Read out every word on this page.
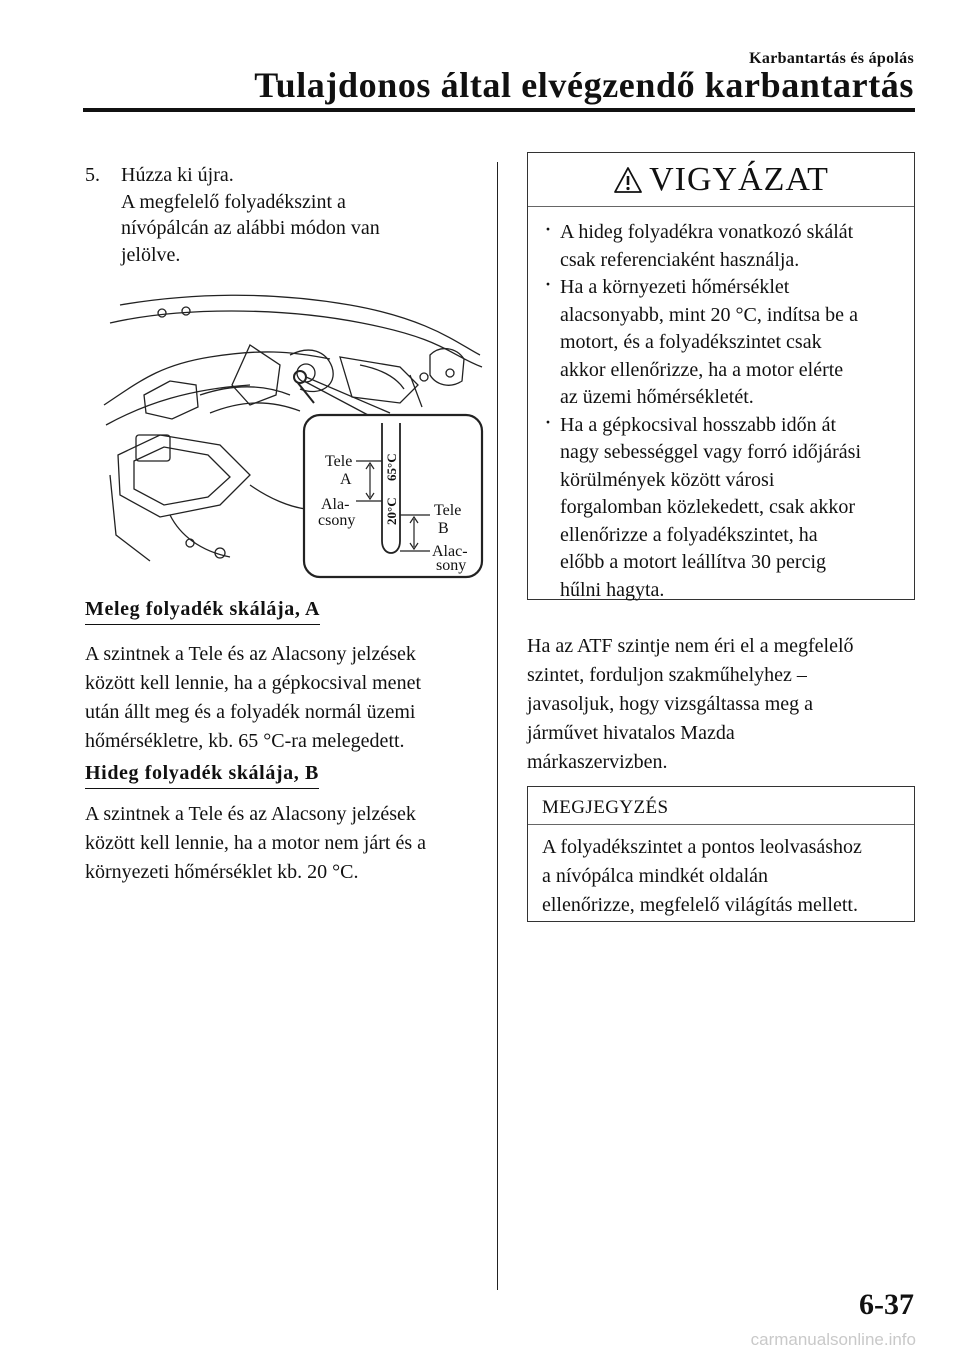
Karbantartás és ápolás
Tulajdonos által elvégzendő karbantartás
5. Húzza ki újra.
A megfelelő folyadékszint a
nívópálcán az alábbi módon van
jelölve.
65°C
20°C
Tele
A
Ala-
csony
Tele
B
Alac-
sony
Meleg folyadék skálája, A
A szintnek a Tele és az Alacsony jelzések
között kell lennie, ha a gépkocsival menet
után állt meg és a folyadék normál üzemi
hőmérsékletre, kb. 65 °C-ra melegedett.
Hideg folyadék skálája, B
A szintnek a Tele és az Alacsony jelzések
között kell lennie, ha a motor nem járt és a
környezeti hőmérséklet kb. 20 °C.
VIGYÁZAT
· A hideg folyadékra vonatkozó skálát
csak referenciaként használja.
· Ha a környezeti hőmérséklet
alacsonyabb, mint 20 °C, indítsa be a
motort, és a folyadékszintet csak
akkor ellenőrizze, ha a motor elérte
az üzemi hőmérsékletét.
· Ha a gépkocsival hosszabb időn át
nagy sebességgel vagy forró időjárási
körülmények között városi
forgalomban közlekedett, csak akkor
ellenőrizze a folyadékszintet, ha
előbb a motort leállítva 30 percig
hűlni hagyta.
Ha az ATF szintje nem éri el a megfelelő
szintet, forduljon szakműhelyhez –
javasoljuk, hogy vizsgáltassa meg a
járművet hivatalos Mazda
márkaszervizben.
MEGJEGYZÉS
A folyadékszintet a pontos leolvasáshoz
a nívópálca mindkét oldalán
ellenőrizze, megfelelő világítás mellett.
6-37
carmanualsonline.info
